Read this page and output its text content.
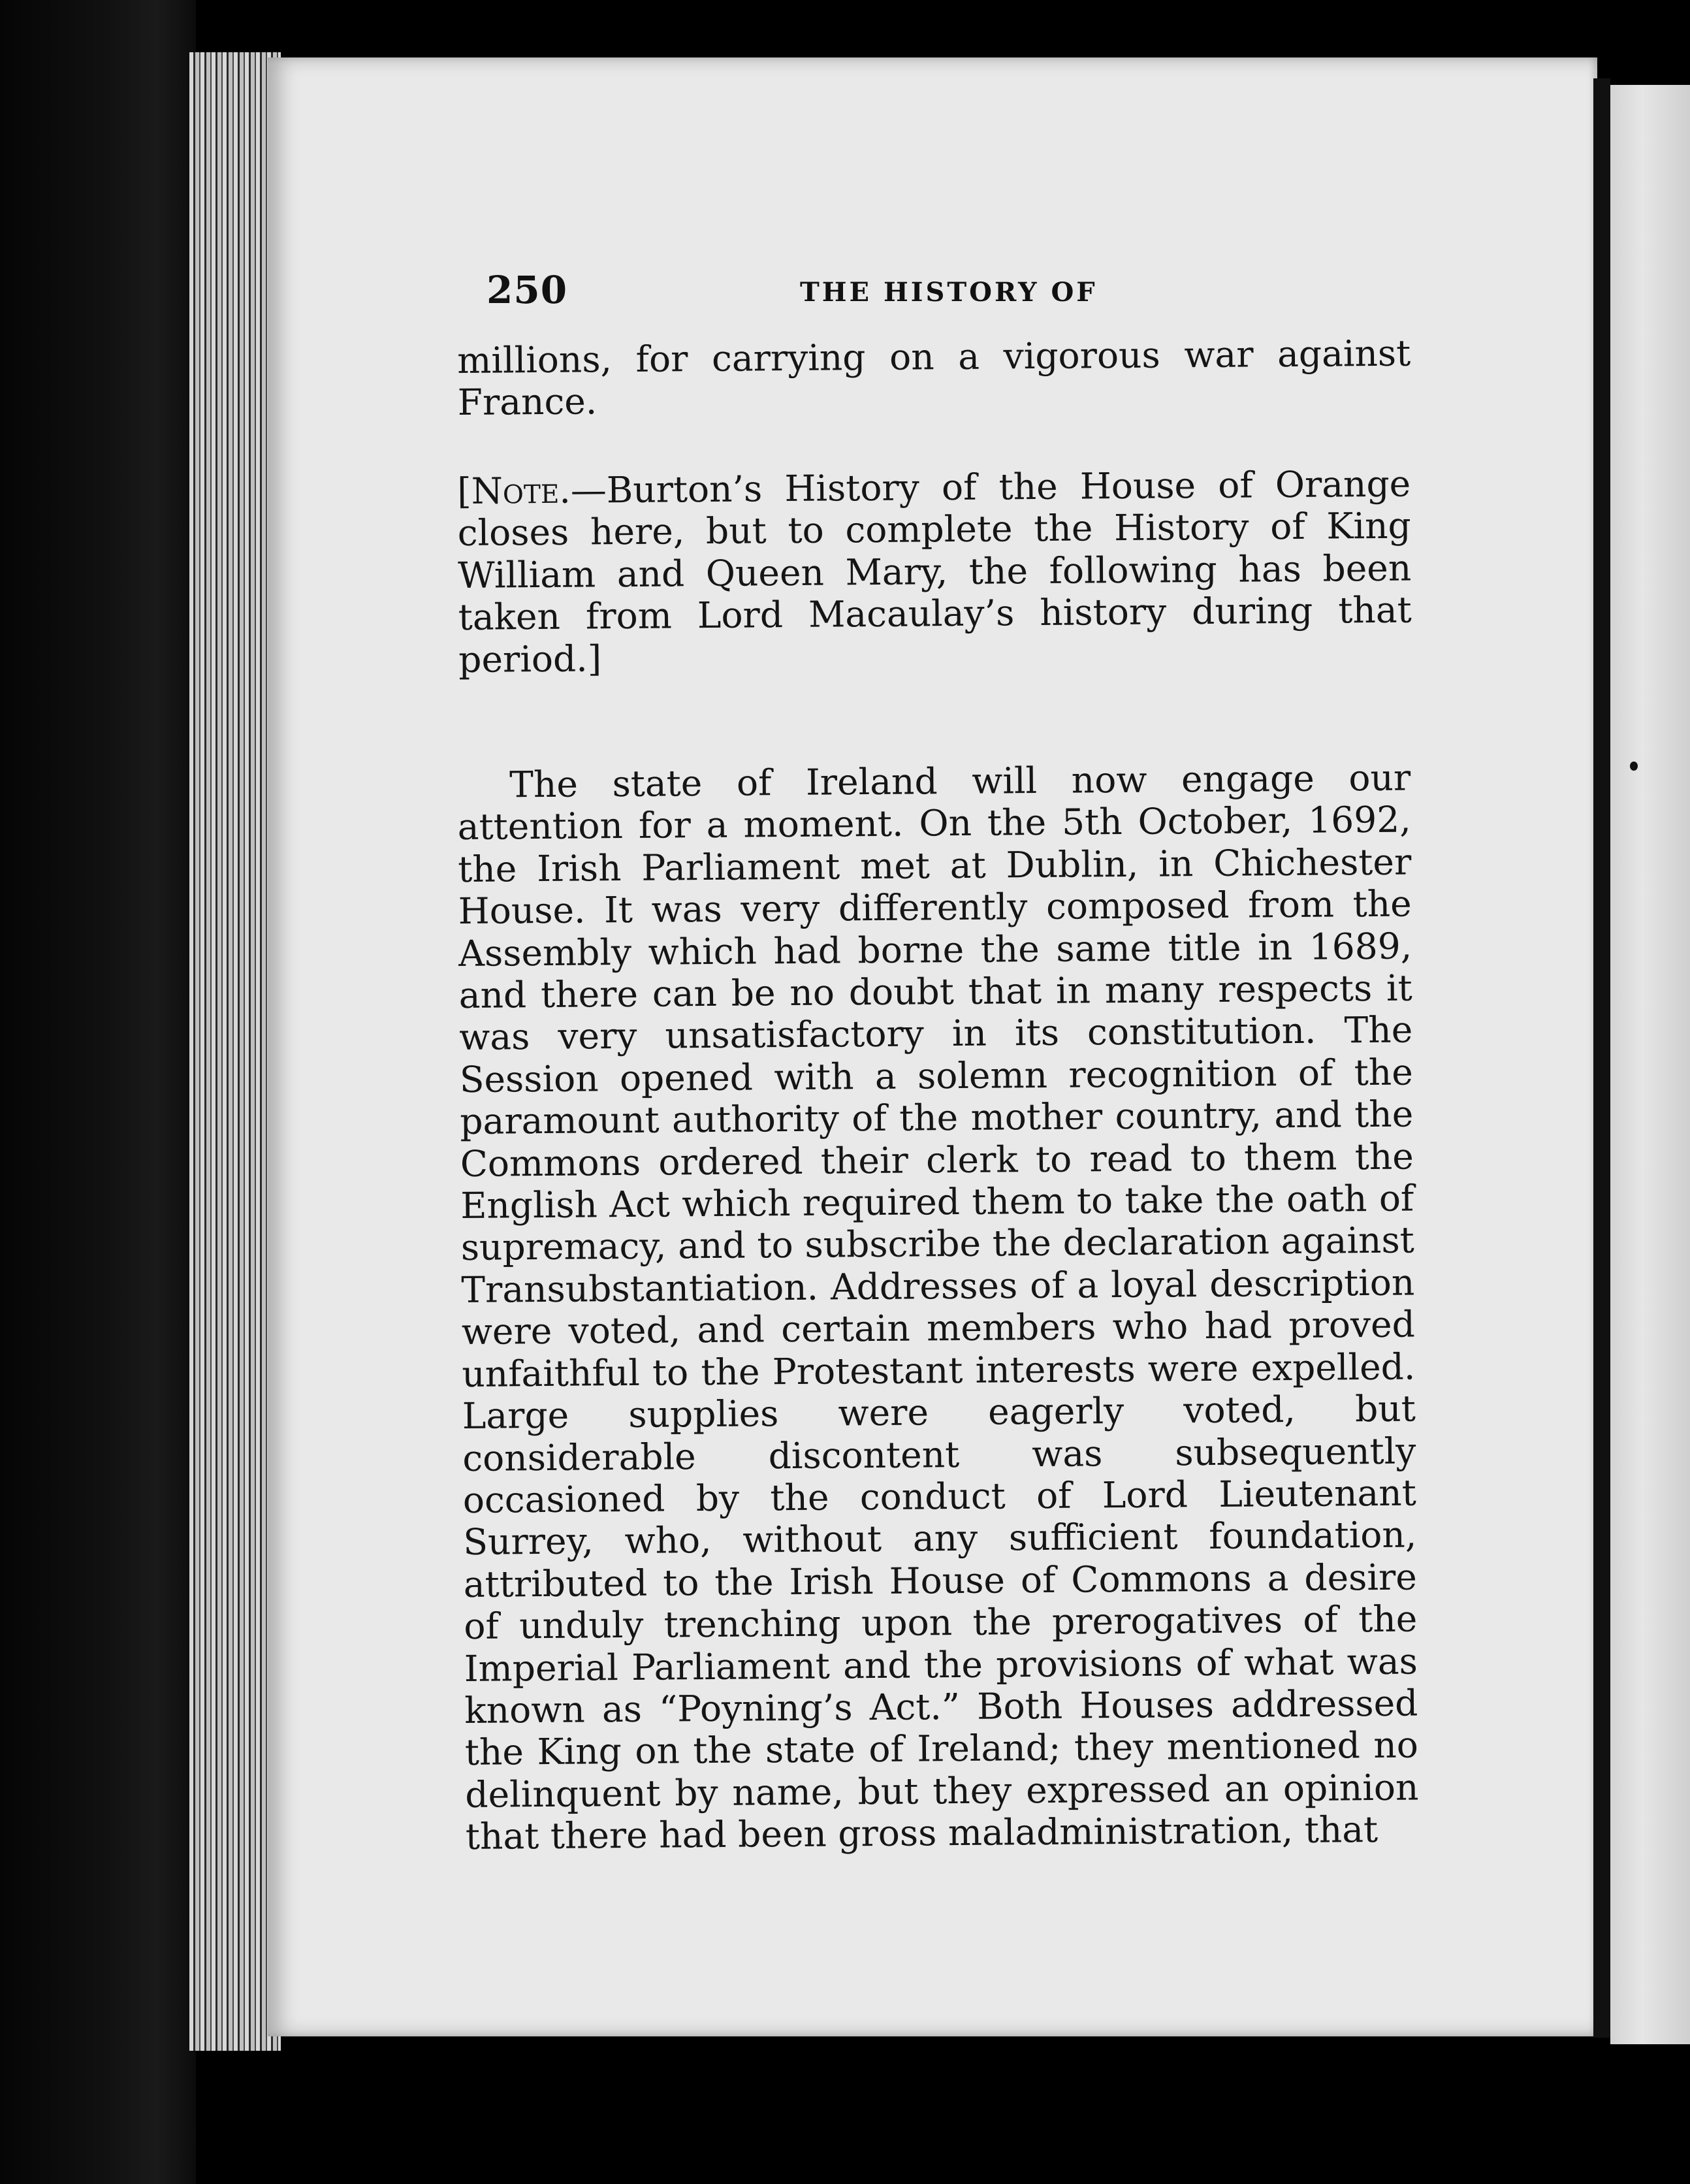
250	THE HISTORY OF
millions, for carrying on a vigorous war against France.
[Note.—Burton’s History of the House of Orange closes here, but to complete the History of King William and Queen Mary, the following has been taken from Lord Macaulay’s history during that period.]
The state of Ireland will now engage our attention for a moment. On the 5th October, 1692, the Irish Parliament met at Dublin, in Chichester House. It was very differently composed from the Assembly which had borne the same title in 1689, and there can be no doubt that in many respects it was very unsatisfactory in its constitution. The Session opened with a solemn recognition of the paramount authority of the mother country, and the Commons ordered their clerk to read to them the English Act which required them to take the oath of supremacy, and to subscribe the declaration against Transubstantiation. Addresses of a loyal description were voted, and certain members who had proved unfaithful to the Protestant interests were expelled. Large supplies were eagerly voted, but considerable discontent was subsequently occasioned by the conduct of Lord Lieutenant Surrey, who, without any sufficient foundation, attributed to the Irish House of Commons a desire of unduly trenching upon the prerogatives of the Imperial Parliament and the provisions of what was known as “Poyning’s Act.” Both Houses addressed the King on the state of Ireland; they mentioned no delinquent by name, but they expressed an opinion that there had been gross maladministration, that
